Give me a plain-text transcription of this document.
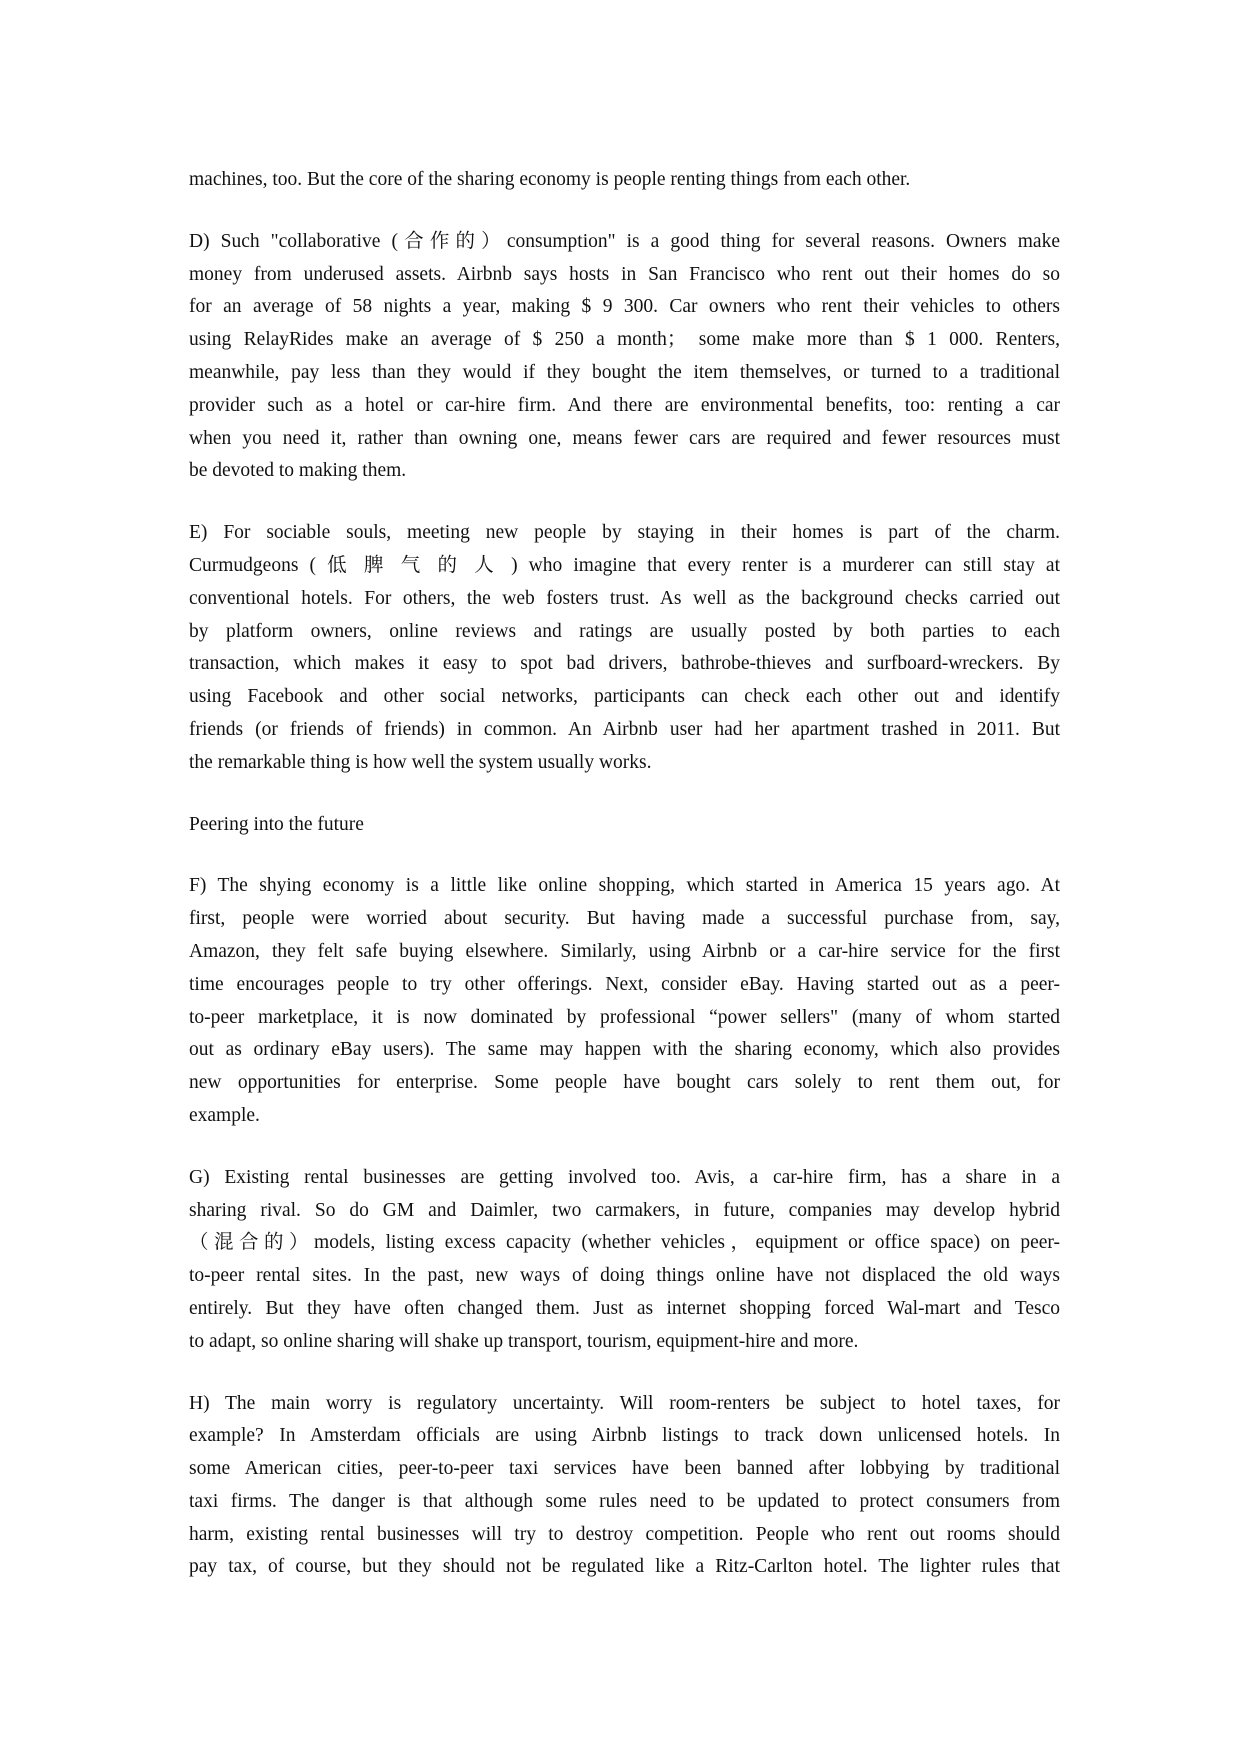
machines, too. But the core of the sharing economy is people renting things from each other.
D) Such "collaborative (合作的）consumption" is a good thing for several reasons. Owners make
money from underused assets. Airbnb says hosts in San Francisco who rent out their homes do so
for an average of 58 nights a year, making $ 9 300. Car owners who rent their vehicles to others
using RelayRides make an average of $ 250 a month； some make more than $ 1 000. Renters,
meanwhile, pay less than they would if they bought the item themselves, or turned to a traditional
provider such as a hotel or car-hire firm. And there are environmental benefits, too: renting a car
when you need it, rather than owning one, means fewer cars are required and fewer resources must
be devoted to making them.
E) For sociable souls, meeting new people by staying in their homes is part of the charm.
Curmudgeons ( 低 脾 气 的 人 ) who imagine that every renter is a murderer can still stay at
conventional hotels. For others, the web fosters trust. As well as the background checks carried out
by platform owners, online reviews and ratings are usually posted by both parties to each
transaction, which makes it easy to spot bad drivers, bathrobe-thieves and surfboard-wreckers. By
using Facebook and other social networks, participants can check each other out and identify
friends (or friends of friends) in common. An Airbnb user had her apartment trashed in 2011. But
the remarkable thing is how well the system usually works.
Peering into the future
F) The shying economy is a little like online shopping, which started in America 15 years ago. At
first, people were worried about security. But having made a successful purchase from, say,
Amazon, they felt safe buying elsewhere. Similarly, using Airbnb or a car-hire service for the first
time encourages people to try other offerings. Next, consider eBay. Having started out as a peer-
to-peer marketplace, it is now dominated by professional “power sellers" (many of whom started
out as ordinary eBay users). The same may happen with the sharing economy, which also provides
new opportunities for enterprise. Some people have bought cars solely to rent them out, for
example.
G) Existing rental businesses are getting involved too. Avis, a car-hire firm, has a share in a
sharing rival. So do GM and Daimler, two carmakers, in future, companies may develop hybrid
（混合的）models, listing excess capacity (whether vehicles，equipment or office space) on peer-
to-peer rental sites. In the past, new ways of doing things online have not displaced the old ways
entirely. But they have often changed them. Just as internet shopping forced Wal-mart and Tesco
to adapt, so online sharing will shake up transport, tourism, equipment-hire and more.
H) The main worry is regulatory uncertainty. Will room-renters be subject to hotel taxes, for
example? In Amsterdam officials are using Airbnb listings to track down unlicensed hotels. In
some American cities, peer-to-peer taxi services have been banned after lobbying by traditional
taxi firms. The danger is that although some rules need to be updated to protect consumers from
harm, existing rental businesses will try to destroy competition. People who rent out rooms should
pay tax, of course, but they should not be regulated like a Ritz-Carlton hotel. The lighter rules that
